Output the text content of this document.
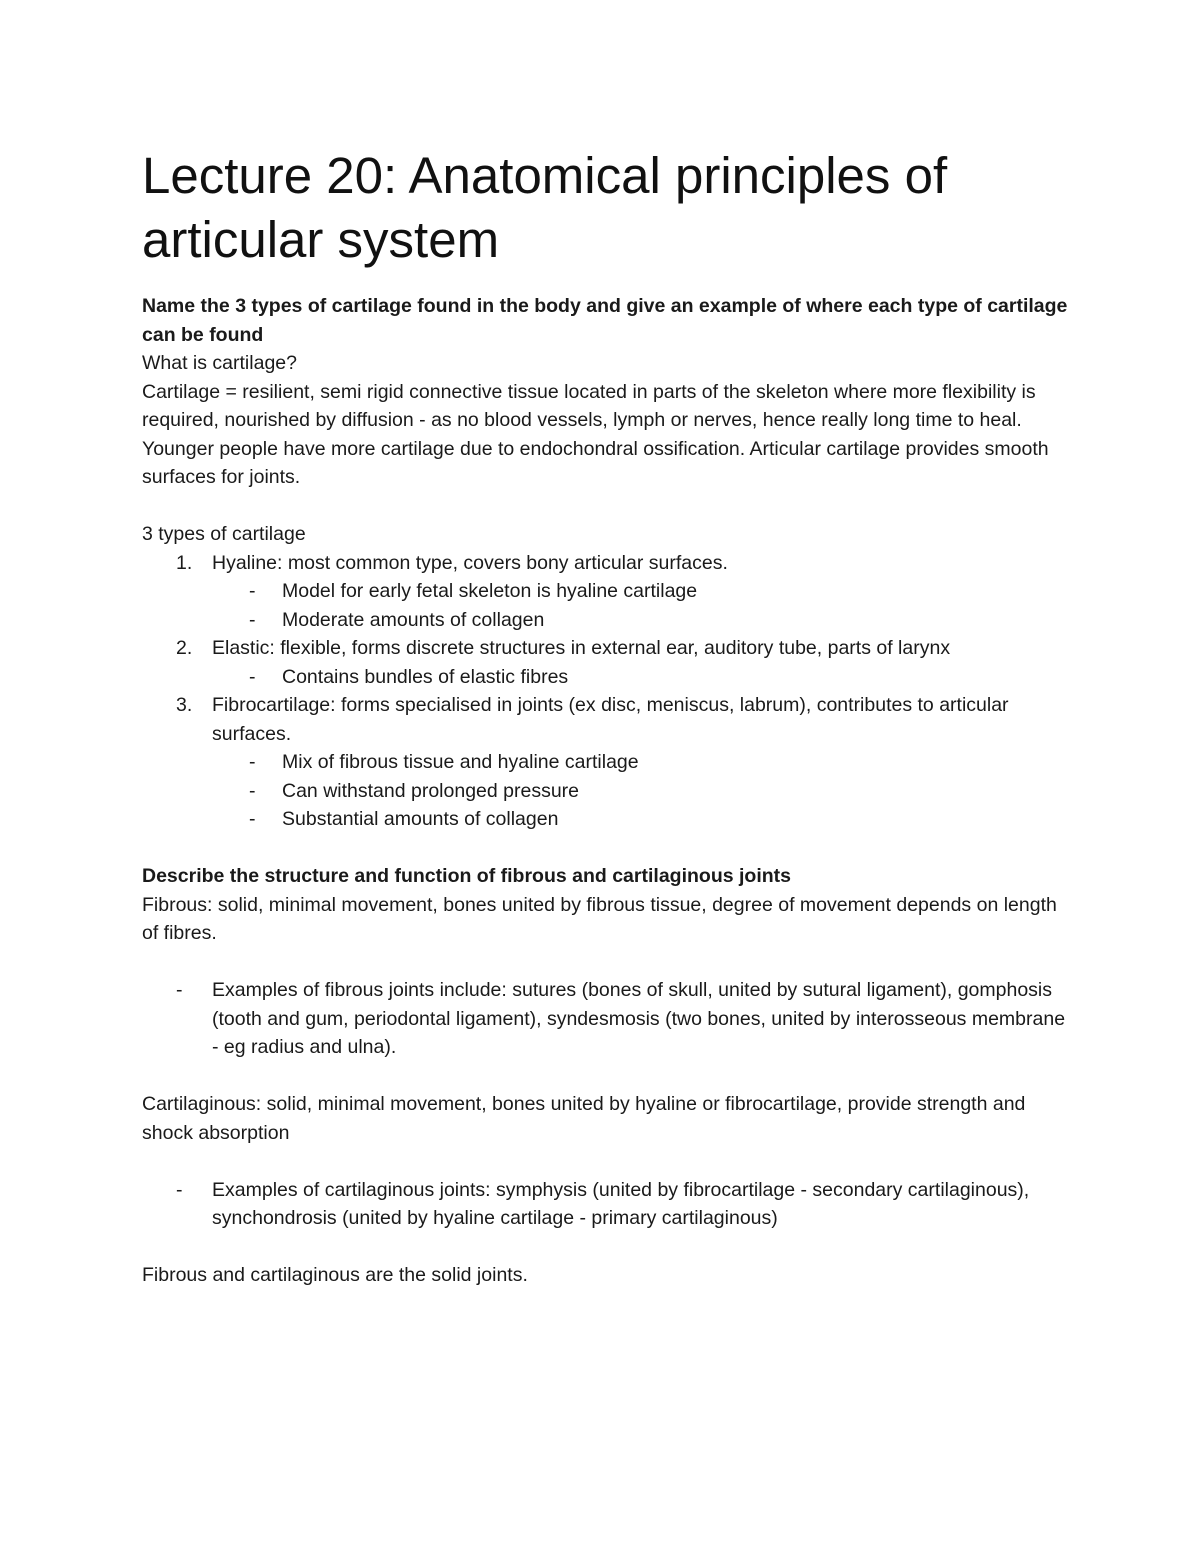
Lecture 20: Anatomical principles of articular system

Name the 3 types of cartilage found in the body and give an example of where each type of cartilage can be found

What is cartilage?

Cartilage = resilient, semi rigid connective tissue located in parts of the skeleton where more flexibility is required, nourished by diffusion - as no blood vessels, lymph or nerves, hence really long time to heal. Younger people have more cartilage due to endochondral ossification. Articular cartilage provides smooth surfaces for joints.

3 types of cartilage

1. Hyaline: most common type, covers bony articular surfaces.
- Model for early fetal skeleton is hyaline cartilage
- Moderate amounts of collagen
2. Elastic: flexible, forms discrete structures in external ear, auditory tube, parts of larynx
- Contains bundles of elastic fibres
3. Fibrocartilage: forms specialised in joints (ex disc, meniscus, labrum), contributes to articular surfaces.
- Mix of fibrous tissue and hyaline cartilage
- Can withstand prolonged pressure
- Substantial amounts of collagen

Describe the structure and function of fibrous and cartilaginous joints

Fibrous: solid, minimal movement, bones united by fibrous tissue, degree of movement depends on length of fibres.

- Examples of fibrous joints include: sutures (bones of skull, united by sutural ligament), gomphosis (tooth and gum, periodontal ligament), syndesmosis (two bones, united by interosseous membrane - eg radius and ulna).

Cartilaginous: solid, minimal movement, bones united by hyaline or fibrocartilage, provide strength and shock absorption

- Examples of cartilaginous joints: symphysis (united by fibrocartilage - secondary cartilaginous), synchondrosis (united by hyaline cartilage - primary cartilaginous)

Fibrous and cartilaginous are the solid joints.
